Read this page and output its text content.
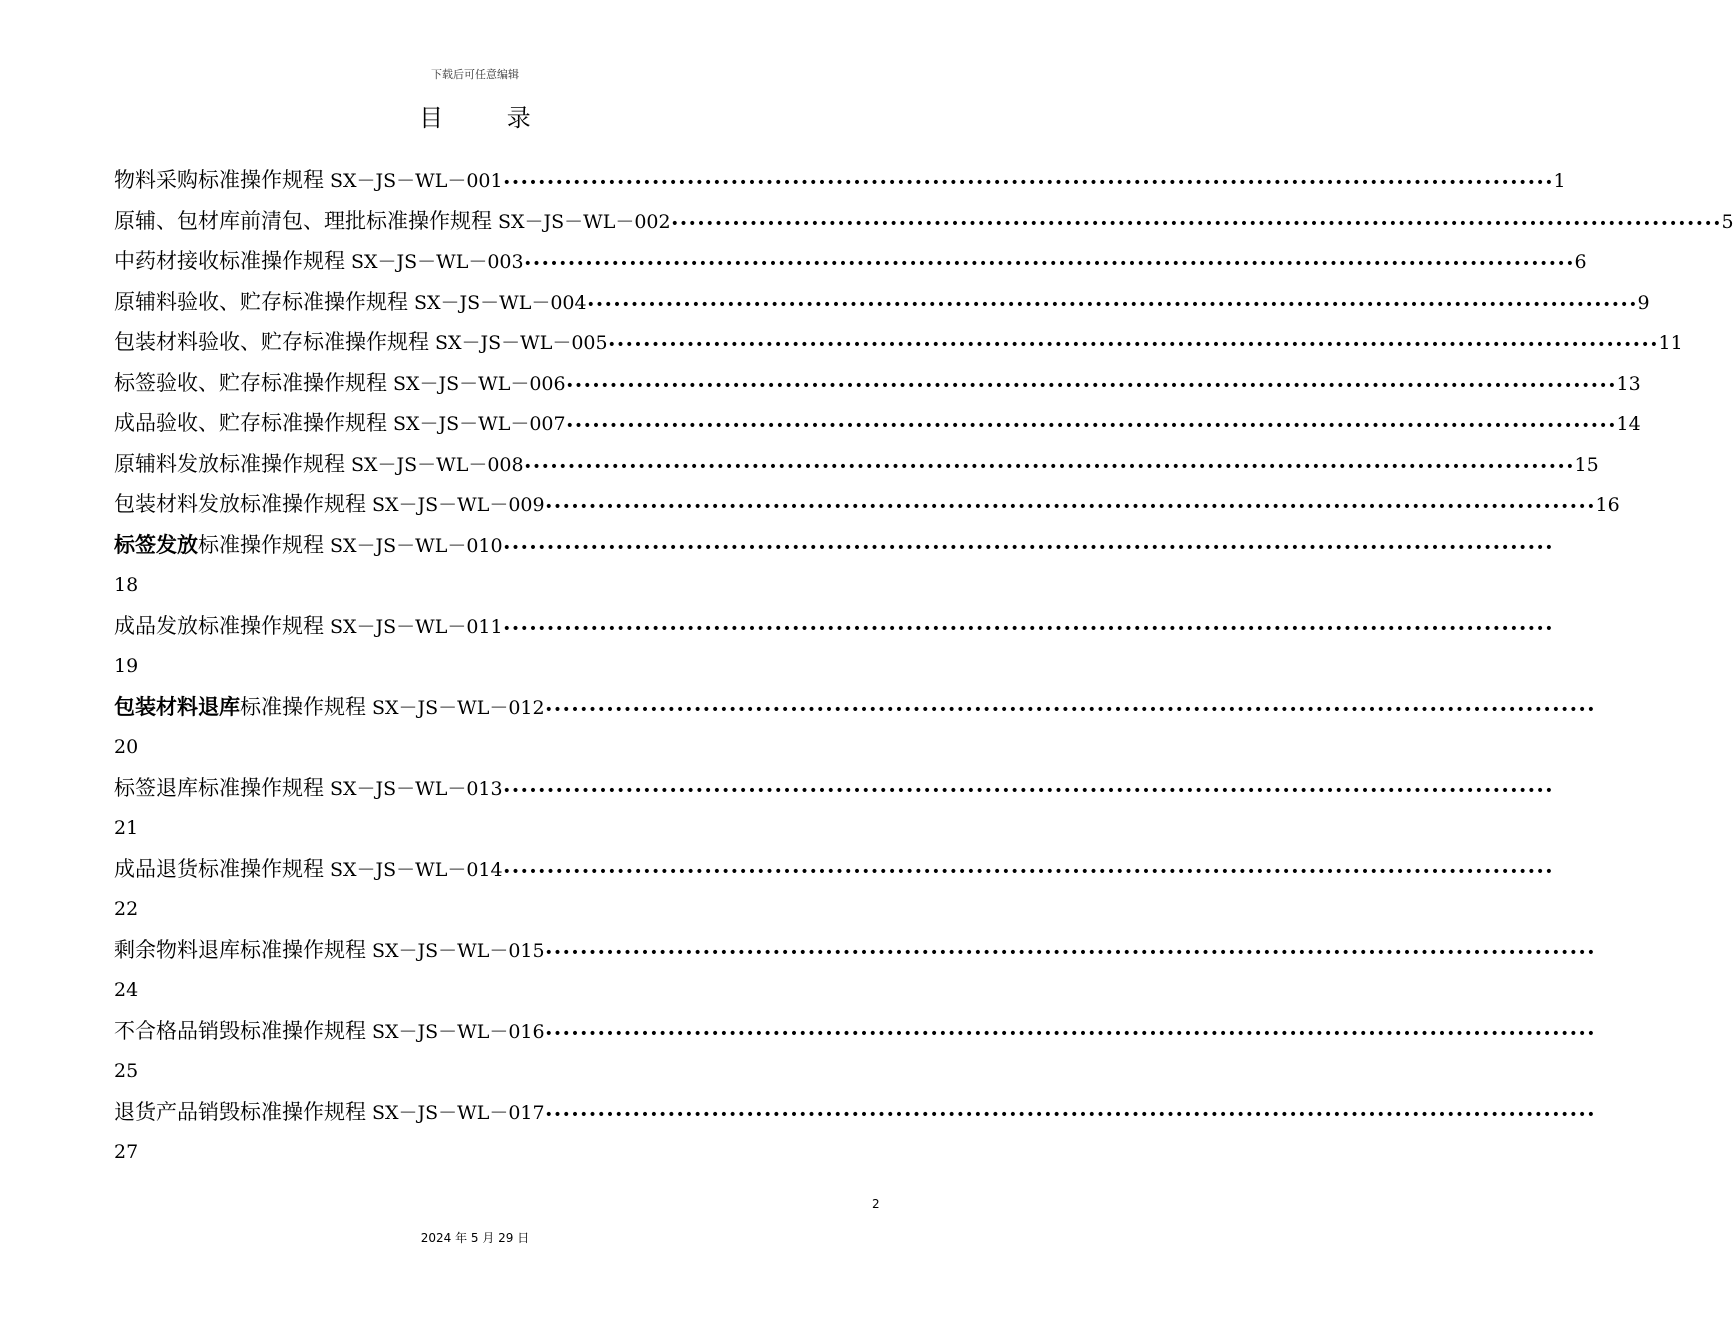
下载后可任意编辑
目 录
物料采购标准操作规程 SX－JS－WL－001 •••••••••••••••••••••••••••••••••••••••••••••••••••••••••••••••••••••••••••••••••••••••••••••••••••••••••••••••••••••••• 1
原辅、包材库前清包、理批标准操作规程 SX－JS－WL－002 •••••••••••••••••••••••••••••••••••••••••••••••••••••••••••••••••••••••••••••••••••••••••••••••••••••••••••••••••••••••• 5
中药材接收标准操作规程 SX－JS－WL－003 •••••••••••••••••••••••••••••••••••••••••••••••••••••••••••••••••••••••••••••••••••••••••••••••••••••••••••••••••••••••• 6
原辅料验收、贮存标准操作规程 SX－JS－WL－004 •••••••••••••••••••••••••••••••••••••••••••••••••••••••••••••••••••••••••••••••••••••••••••••••••••••••••••••••••••••••• 9
包装材料验收、贮存标准操作规程 SX－JS－WL－005 •••••••••••••••••••••••••••••••••••••••••••••••••••••••••••••••••••••••••••••••••••••••••••••••••••••••••••••••••••••••• 11
标签验收、贮存标准操作规程 SX－JS－WL－006 •••••••••••••••••••••••••••••••••••••••••••••••••••••••••••••••••••••••••••••••••••••••••••••••••••••••••••••••••••••••• 13
成品验收、贮存标准操作规程 SX－JS－WL－007 •••••••••••••••••••••••••••••••••••••••••••••••••••••••••••••••••••••••••••••••••••••••••••••••••••••••••••••••••••••••• 14
原辅料发放标准操作规程 SX－JS－WL－008 •••••••••••••••••••••••••••••••••••••••••••••••••••••••••••••••••••••••••••••••••••••••••••••••••••••••••••••••••••••••• 15
包装材料发放标准操作规程 SX－JS－WL－009 •••••••••••••••••••••••••••••••••••••••••••••••••••••••••••••••••••••••••••••••••••••••••••••••••••••••••••••••••••••••• 16
标签发放 标准操作规程 SX－JS－WL－010 ••••••••••••••••••••••••••••••••••••••••••••••••••••••••••••••••••••••••••••••••••••••••••••••••••••••••••••••••••••••••
18
成品发放标准操作规程 SX－JS－WL－011 ••••••••••••••••••••••••••••••••••••••••••••••••••••••••••••••••••••••••••••••••••••••••••••••••••••••••••••••••••••••••
19
包装材料退库 标准操作规程 SX－JS－WL－012 ••••••••••••••••••••••••••••••••••••••••••••••••••••••••••••••••••••••••••••••••••••••••••••••••••••••••••••••••••••••••
20
标签退库标准操作规程 SX－JS－WL－013 ••••••••••••••••••••••••••••••••••••••••••••••••••••••••••••••••••••••••••••••••••••••••••••••••••••••••••••••••••••••••
21
成品退货标准操作规程 SX－JS－WL－014 ••••••••••••••••••••••••••••••••••••••••••••••••••••••••••••••••••••••••••••••••••••••••••••••••••••••••••••••••••••••••
22
剩余物料退库标准操作规程 SX－JS－WL－015 ••••••••••••••••••••••••••••••••••••••••••••••••••••••••••••••••••••••••••••••••••••••••••••••••••••••••••••••••••••••••
24
不合格品销毁标准操作规程 SX－JS－WL－016 ••••••••••••••••••••••••••••••••••••••••••••••••••••••••••••••••••••••••••••••••••••••••••••••••••••••••••••••••••••••••
25
退货产品销毁标准操作规程 SX－JS－WL－017 ••••••••••••••••••••••••••••••••••••••••••••••••••••••••••••••••••••••••••••••••••••••••••••••••••••••••••••••••••••••••
27
2
2024 年 5 月 29 日
